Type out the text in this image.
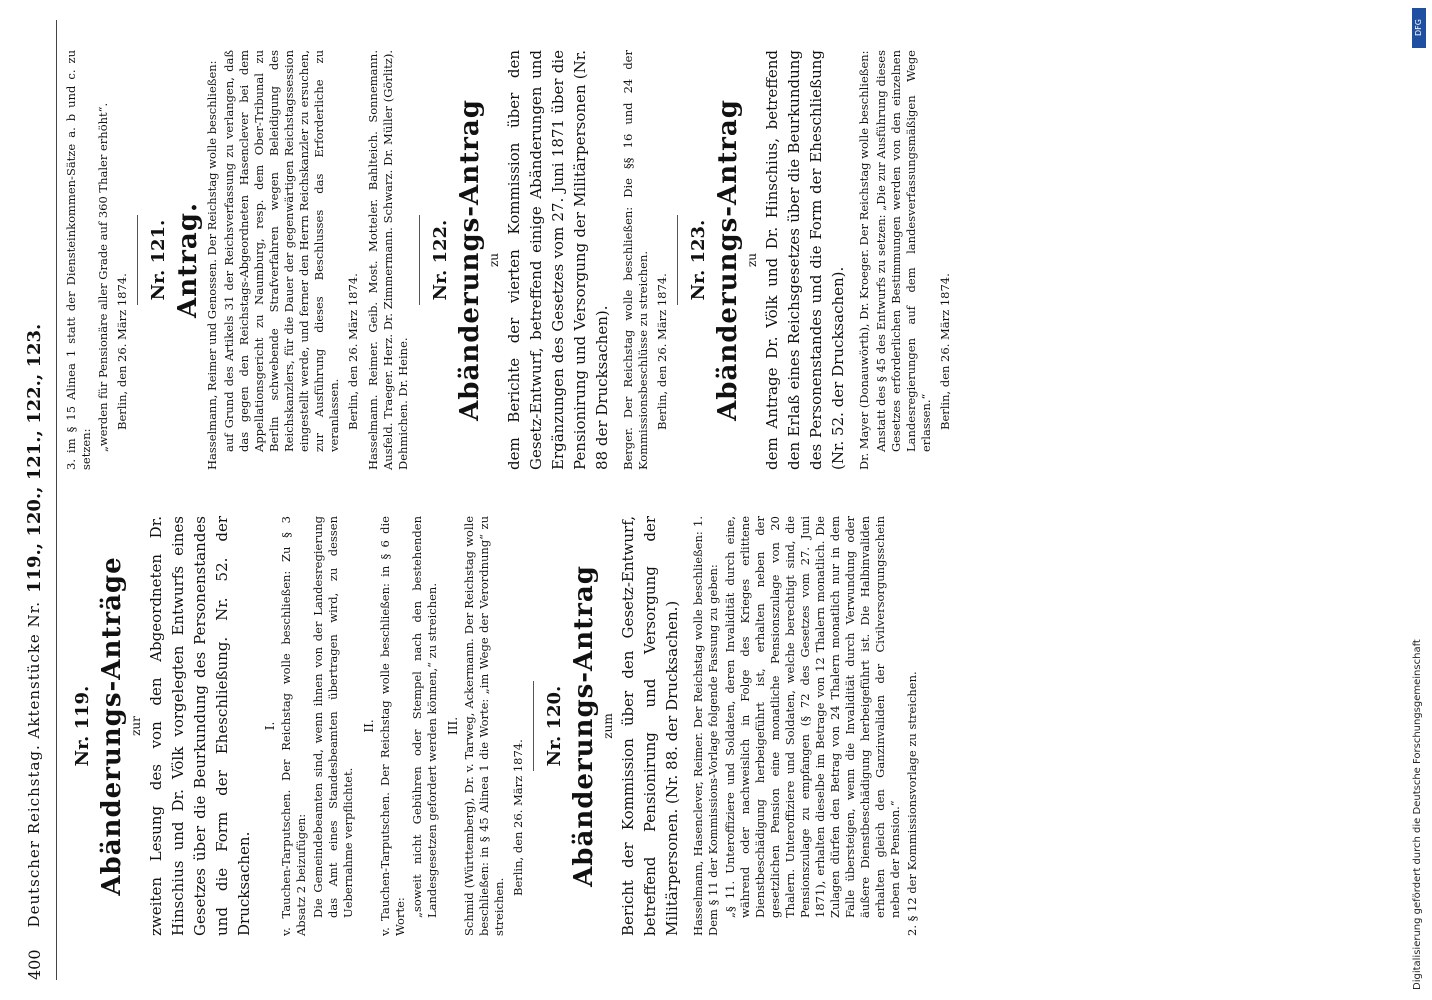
400
Deutscher Reichstag. Aktenstücke Nr.
119., 120., 121., 122., 123.
Nr. 119. Abänderungs-Anträge zur zweiten Lesung des von den Abgeordneten Dr. Hinschius und Dr. Völk vorgelegten Entwurfs eines Gesetzes über die Beurkundung des Personenstandes und die Form der Eheschließung. Nr. 52. der Drucksachen.
I. v. Tauchen-Tarputschen. Der Reichstag wolle beschließen: Zu § 3 Absatz 2 beizufügen: Die Gemeindebeamten sind, wenn ihnen von der Landesregierung das Amt eines Standesbeamten übertragen wird, zu dessen Uebernahme verpflichtet.
II. v. Tauchen-Tarputschen. Der Reichstag wolle beschließen: in § 6 die Worte: „soweit nicht Gebühren oder Stempel nach den bestehenden Landesgesetzen gefordert werden können,“ zu streichen. III. Schmid (Württemberg), Dr. v. Tarweg, Ackermann. Der Reichstag wolle beschließen: in § 45 Alinea 1 die Worte: „im Wege der Verordnung“ zu streichen.
Berlin, den 26. März 1874.
Nr. 120. Abänderungs-Antrag zum Bericht der Kommission über den Gesetz-Entwurf, betreffend Pensionirung und Versorgung der Militärpersonen. (Nr. 88. der Drucksachen.) Hasselmann, Hasenclever, Reimer. Der Reichstag wolle beschließen: 1. Dem § 11 der Kommissions-Vorlage folgende Fassung zu geben: „§ 11. Unteroffiziere und Soldaten, deren Invalidität durch eine, während oder nachweislich in Folge des Krieges erlittene Dienstbeschädigung herbeigeführt ist, erhalten neben der gesetzlichen Pension eine monatliche Pensionszulage von 20 Thalern. Unteroffiziere und Soldaten, welche berechtigt sind, die Pensionszulage zu empfangen (§ 72 des Gesetzes vom 27. Juni 1871), erhalten dieselbe im Betrage von 12 Thalern monatlich. Die Zulagen dürfen den Betrag von 24 Thalern monatlich nur in dem Falle übersteigen, wenn die Invalidität durch Verwundung oder äußere Dienstbeschädigung herbeigeführt ist. Die Halbinvaliden erhalten gleich den Ganzinvaliden der Civilversorgungsschein neben der Pension.“ 2. § 12 der Kommissionsvorlage zu streichen.
3. im § 15 Alinea 1 statt der Diensteinkommen-Sätze a. b und c. zu setzen: „werden für Pensionäre aller Grade auf 360 Thaler erhöht“. Berlin, den 26. März 1874.
Nr. 121. Antrag. Hasselmann, Reimer und Genossen. Der Reichstag wolle beschließen: auf Grund des Artikels 31 der Reichsverfassung zu verlangen, daß das gegen den Reichstags-Abgeordneten Hasenclever bei dem Appellationsgericht zu Naumburg, resp. dem Ober-Tribunal zu Berlin schwebende Strafverfahren wegen Beleidigung des Reichskanzlers, für die Dauer der gegenwärtigen Reichstagssession eingestellt werde, und ferner den Herrn Reichskanzler zu ersuchen, zur Ausführung dieses Beschlusses das Erforderliche zu veranlassen. Berlin, den 26. März 1874. Hasselmann. Reimer. Geib. Most. Motteler. Bahlteich. Sonnemann. Ausfeld. Traeger. Herz. Dr. Zimmermann. Schwarz. Dr. Müller (Görlitz). Dehmichen. Dr. Heine.
Nr. 122. Abänderungs-Antrag zu dem Berichte der vierten Kommission über den Gesetz-Entwurf, betreffend einige Abänderungen und Ergänzungen des Gesetzes vom 27. Juni 1871 über die Pensionirung und Versorgung der Militärpersonen (Nr. 88 der Drucksachen). Berger. Der Reichstag wolle beschließen: Die §§ 16 und 24 der Kommissionsbeschlüsse zu streichen. Berlin, den 26. März 1874.
Nr. 123. Abänderungs-Antrag zu dem Antrage Dr. Völk und Dr. Hinschius, betreffend den Erlaß eines Reichsgesetzes über die Beurkundung des Personenstandes und die Form der Eheschließung (Nr. 52. der Drucksachen). Dr. Mayer (Donauwörth), Dr. Kroeger. Der Reichstag wolle beschließen: Anstatt des § 45 des Entwurfs zu setzen: „Die zur Ausführung dieses Gesetzes erforderlichen Bestimmungen werden von den einzelnen Landesregierungen auf dem landesverfassungsmäßigen Wege erlassen.“ Berlin, den 26. März 1874.
DFG
Digitalisierung gefördert durch die Deutsche Forschungsgemeinschaft
